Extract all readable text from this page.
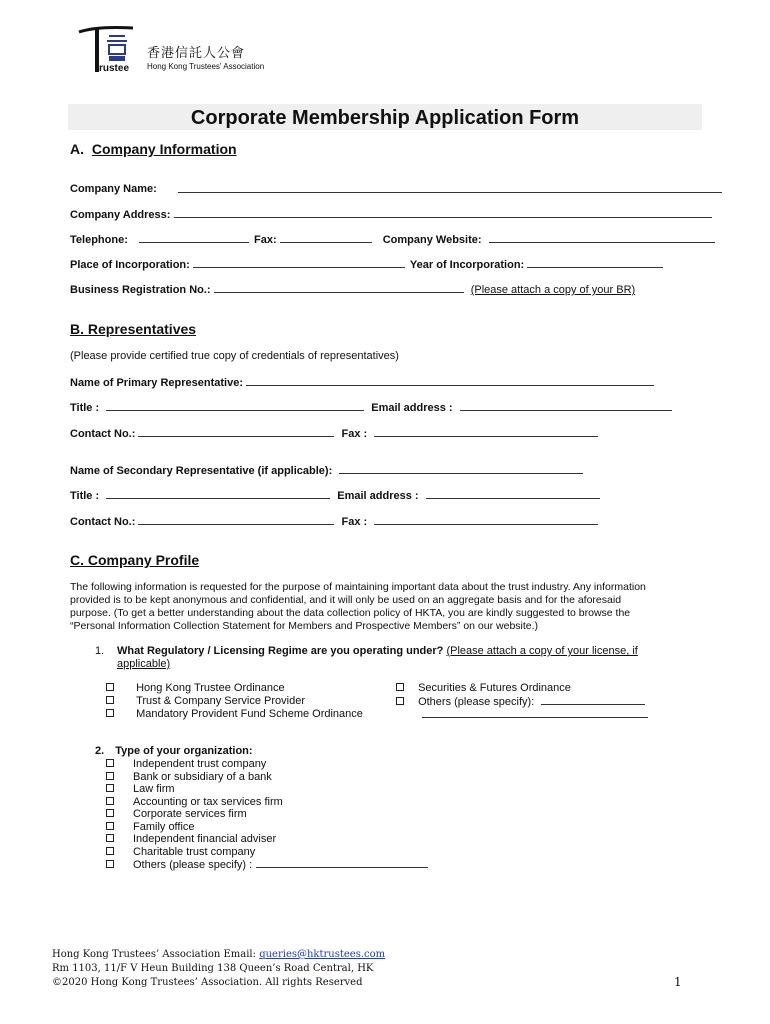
rustee
香港信託人公會
Hong Kong Trustees' Association
Corporate Membership Application Form
A. Company Information
Company Name:
Company Address:
Telephone:	Fax:	Company Website:
Place of Incorporation:	Year of Incorporation:
Business Registration No.:	(Please attach a copy of your BR)
B. Representatives
(Please provide certified true copy of credentials of representatives)
Name of Primary Representative:
Title :	Email address :
Contact No.:	Fax :
Name of Secondary Representative (if applicable):
Title :	Email address :
Contact No.:	Fax :
C. Company Profile
The following information is requested for the purpose of maintaining important data about the trust industry. Any information
provided is to be kept anonymous and confidential, and it will only be used on an aggregate basis and for the aforesaid
purpose. (To get a better understanding about the data collection policy of HKTA, you are kindly suggested to browse the
“Personal Information Collection Statement for Members and Prospective Members” on our website.)
1. What Regulatory / Licensing Regime are you operating under? (Please attach a copy of your license, if
applicable)
Hong Kong Trustee Ordinance
Trust & Company Service Provider
Mandatory Provident Fund Scheme Ordinance
Securities & Futures Ordinance
Others (please specify):
2. Type of your organization:
Independent trust company
Bank or subsidiary of a bank
Law firm
Accounting or tax services firm
Corporate services firm
Family office
Independent financial adviser
Charitable trust company
Others (please specify) :
Hong Kong Trustees’ Association Email: queries@hktrustees.com
Rm 1103, 11/F V Heun Building 138 Queen’s Road Central, HK
©2020 Hong Kong Trustees’ Association. All rights Reserved	1
